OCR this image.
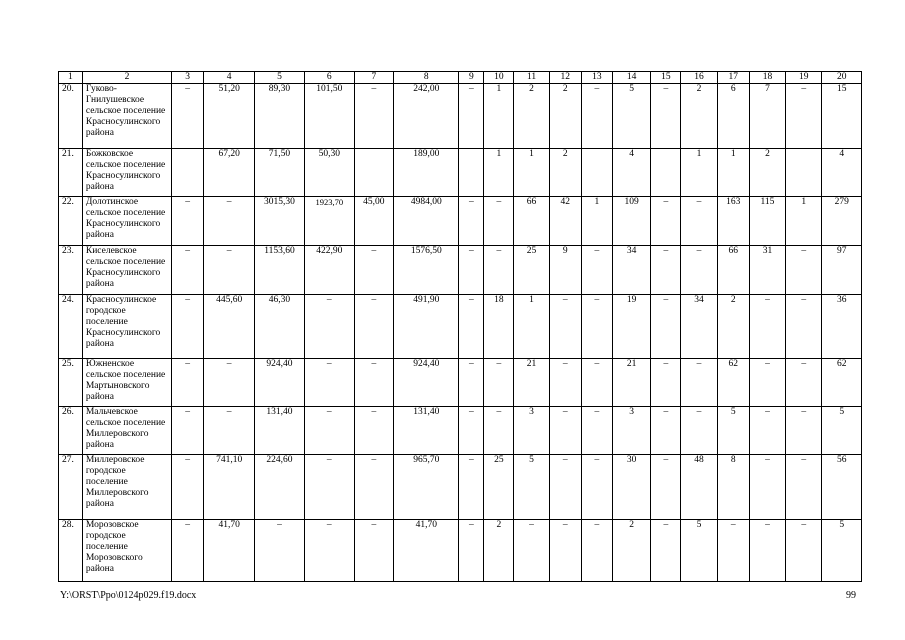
1	2	3	4	5	6	7	8	9	10	11	12	13	14	15	16	17	18	19	20
20.	Гуково-Гнилушевское сельское поселение Красносулинского района	–	51,20	89,30	101,50	–	242,00	–	1	2	2	–	5	–	2	6	7	–	15
21.	Божковское сельское поселение Красносулинского района		67,20	71,50	50,30		189,00		1	1	2		4		1	1	2		4
22.	Долотинское сельское поселение Красносулинского района	–	–	3015,30	1923,70	45,00	4984,00	–	–	66	42	1	109	–	–	163	115	1	279
23.	Киселевское сельское поселение Красносулинского района	–	–	1153,60	422,90	–	1576,50	–	–	25	9	–	34	–	–	66	31	–	97
24.	Красносулинское городское поселение Красносулинского района	–	445,60	46,30	–	–	491,90	–	18	1	–	–	19	–	34	2	–	–	36
25.	Южненское сельское поселение Мартыновского района	–	–	924,40	–	–	924,40	–	–	21	–	–	21	–	–	62	–	–	62
26.	Мальчевское сельское поселение Миллеровского района	–	–	131,40	–	–	131,40	–	–	3	–	–	3	–	–	5	–	–	5
27.	Миллеровское городское поселение Миллеровского района	–	741,10	224,60	–	–	965,70	–	25	5	–	–	30	–	48	8	–	–	56
28.	Морозовское городское поселение Морозовского района	–	41,70	–	–	–	41,70	–	2	–	–	–	2	–	5	–	–	–	5
Y:\ORST\Ppo\0124p029.f19.docx	99
